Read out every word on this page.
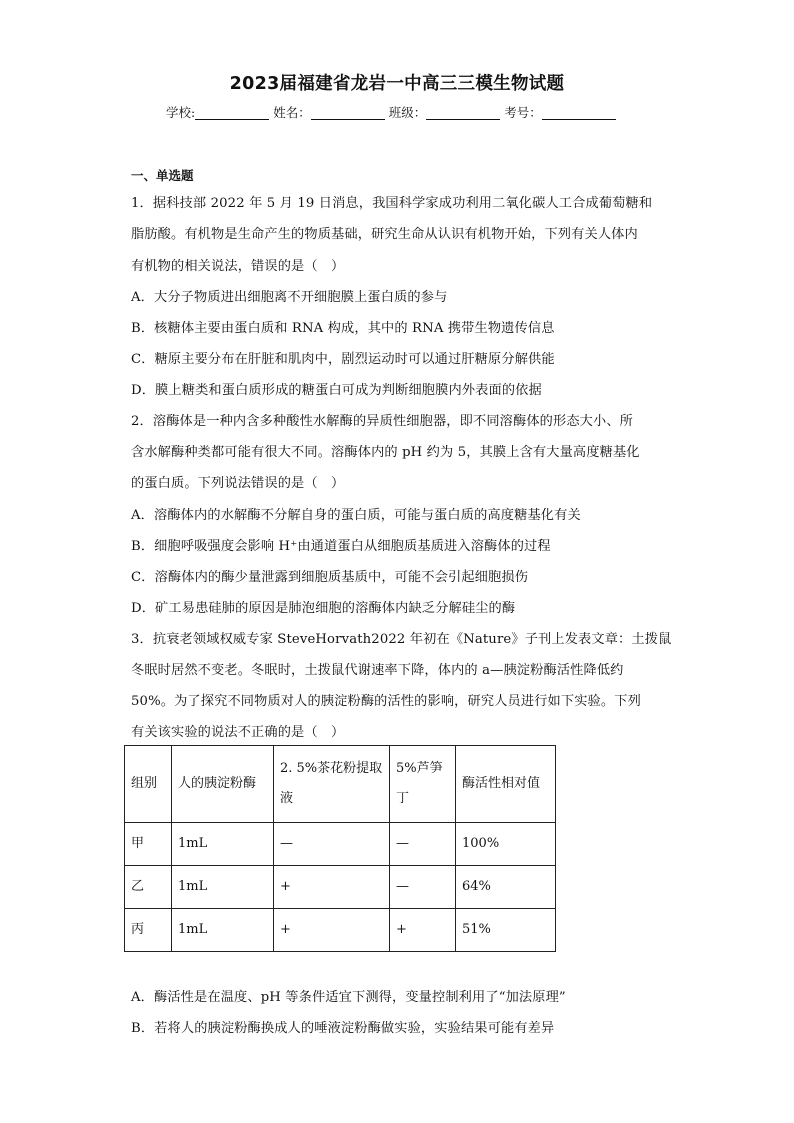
2023届福建省龙岩一中高三三模生物试题
学校:	姓名：	班级：	考号：
一、单选题
1．据科技部 2022 年 5 月 19 日消息，我国科学家成功利用二氧化碳人工合成葡萄糖和
脂肪酸。有机物是生命产生的物质基础，研究生命从认识有机物开始，下列有关人体内
有机物的相关说法，错误的是（　）
A．大分子物质进出细胞离不开细胞膜上蛋白质的参与
B．核糖体主要由蛋白质和 RNA 构成，其中的 RNA 携带生物遗传信息
C．糖原主要分布在肝脏和肌肉中，剧烈运动时可以通过肝糖原分解供能
D．膜上糖类和蛋白质形成的糖蛋白可成为判断细胞膜内外表面的依据
2．溶酶体是一种内含多种酸性水解酶的异质性细胞器，即不同溶酶体的形态大小、所
含水解酶种类都可能有很大不同。溶酶体内的 pH 约为 5，其膜上含有大量高度糖基化
的蛋白质。下列说法错误的是（　）
A．溶酶体内的水解酶不分解自身的蛋白质，可能与蛋白质的高度糖基化有关
B．细胞呼吸强度会影响 H⁺由通道蛋白从细胞质基质进入溶酶体的过程
C．溶酶体内的酶少量泄露到细胞质基质中，可能不会引起细胞损伤
D．矿工易患硅肺的原因是肺泡细胞的溶酶体内缺乏分解硅尘的酶
3．抗衰老领域权威专家 SteveHorvath2022 年初在《Nature》子刊上发表文章：土拨鼠
冬眠时居然不变老。冬眠时，土拨鼠代谢速率下降，体内的 a—胰淀粉酶活性降低约
50%。为了探究不同物质对人的胰淀粉酶的活性的影响，研究人员进行如下实验。下列
有关该实验的说法不正确的是（　）
组别	人的胰淀粉酶	2. 5%茶花粉提取液	5%芦笋丁	酶活性相对值
甲	1mL	—	—	100%
乙	1mL	+	—	64%
丙	1mL	+	+	51%
A．酶活性是在温度、pH 等条件适宜下测得，变量控制利用了“加法原理”
B．若将人的胰淀粉酶换成人的唾液淀粉酶做实验，实验结果可能有差异
